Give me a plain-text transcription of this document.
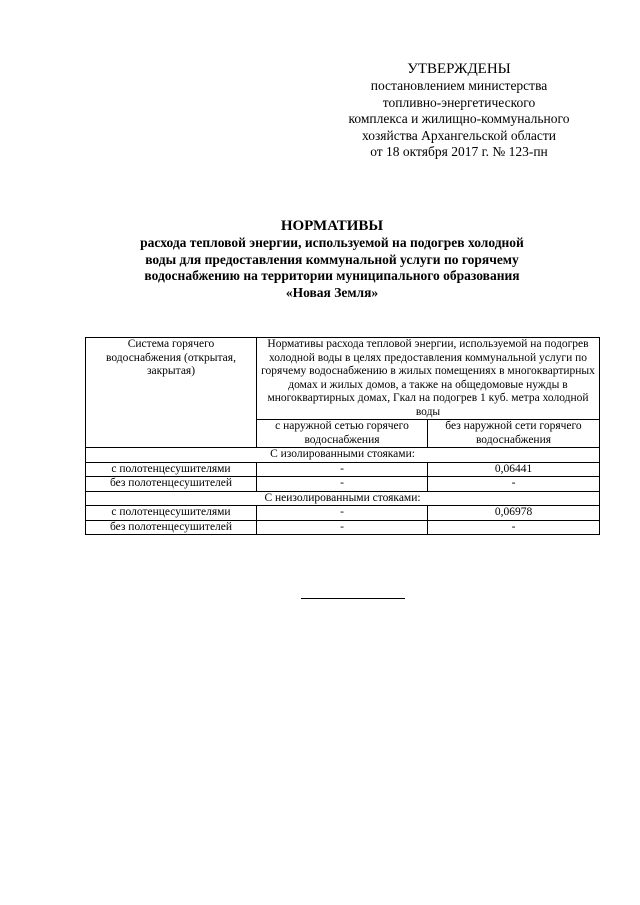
УТВЕРЖДЕНЫ
постановлением министерства
топливно-энергетического
комплекса и жилищно-коммунального
хозяйства Архангельской области
от 18 октября 2017 г. № 123-пн
НОРМАТИВЫ
расхода тепловой энергии, используемой на подогрев холодной
воды для предоставления коммунальной услуги по горячему
водоснабжению на территории муниципального образования
«Новая Земля»
Система горячего водоснабжения (открытая, закрытая)	Нормативы расхода тепловой энергии, используемой на подогрев холодной воды в целях предоставления коммунальной услуги по горячему водоснабжению в жилых помещениях в многоквартирных домах и жилых домов, а также на общедомовые нужды в многоквартирных домах, Гкал на подогрев 1 куб. метра холодной воды	
	с наружной сетью горячего водоснабжения	без наружной сети горячего водоснабжения
С изолированными стояками:		
с полотенцесушителями	-	0,06441
без полотенцесушителей	-	-
С неизолированными стояками:		
с полотенцесушителями	-	0,06978
без полотенцесушителей	-	-
